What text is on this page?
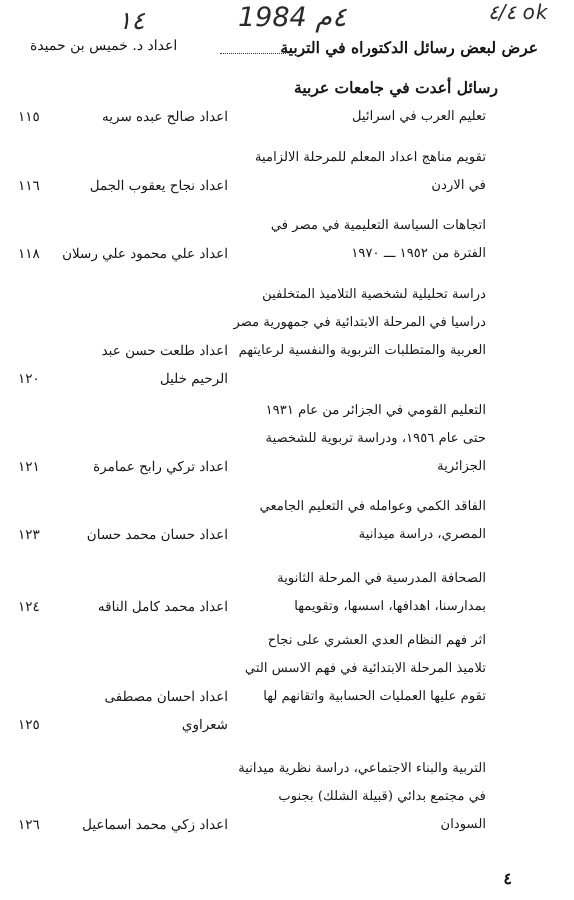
١٤	1984 ٤م	٤/٤ ok
عرض لبعض رسائل الدكتوراه في التربية
اعداد د. خميس بن حميدة
رسائل أعدت في جامعات عربية
تعليم العرب في اسرائيل
اعداد صالح عبده سريه
١١٥
تقويم مناهج اعداد المعلم للمرحلة الالزامية
في الاردن
اعداد نجاح يعقوب الجمل
١١٦
اتجاهات السياسة التعليمية في مصر في
الفترة من ١٩٥٢ ـــ ١٩٧٠
اعداد علي محمود علي رسلان
١١٨
دراسة تحليلية لشخصية التلاميذ المتخلفين
دراسيا في المرحلة الابتدائية في جمهورية مصر
العربية والمتطلبات التربوية والنفسية لرعايتهم
اعداد طلعت حسن عبد
الرحيم خليل
١٢٠
التعليم القومي في الجزائر من عام ١٩٣١
حتى عام ١٩٥٦، ودراسة تربوية للشخصية
الجزائرية
اعداد تركي رابح عمامرة
١٢١
الفاقد الكمي وعوامله في التعليم الجامعي
المصري، دراسة ميدانية
اعداد حسان محمد حسان
١٢٣
الصحافة المدرسية في المرحلة الثانوية
بمدارسنا، اهدافها، اسسها، وتقويمها
اعداد محمد كامل الناقه
١٢٤
اثر فهم النظام العدي العشري على نجاح
تلاميذ المرحلة الابتدائية في فهم الاسس التي
تقوم عليها العمليات الحسابية واتقانهم لها
اعداد احسان مصطفى
شعراوي
١٢٥
التربية والبناء الاجتماعي، دراسة نظرية ميدانية
في مجتمع بدائي (قبيلة الشلك) بجنوب
السودان
اعداد زكي محمد اسماعيل
١٢٦
٤
